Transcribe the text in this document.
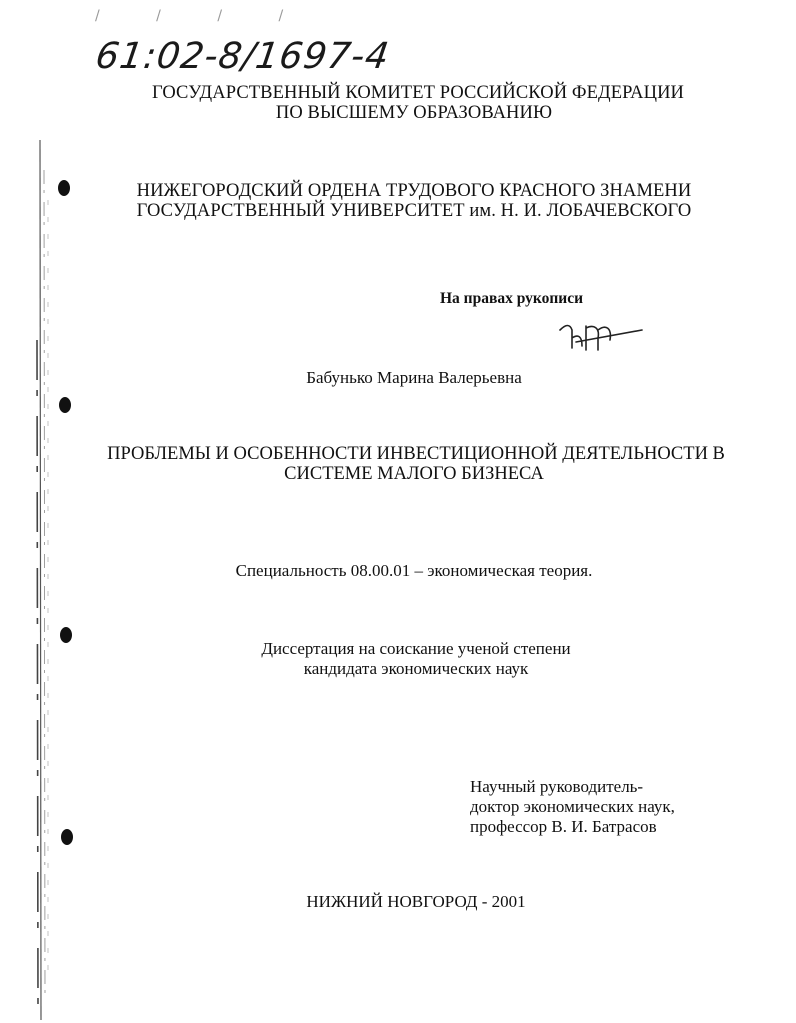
/ / / /
61:02-8/1697-4
ГОСУДАРСТВЕННЫЙ КОМИТЕТ РОССИЙСКОЙ ФЕДЕРАЦИИ
ПО ВЫСШЕМУ ОБРАЗОВАНИЮ
НИЖЕГОРОДСКИЙ ОРДЕНА ТРУДОВОГО КРАСНОГО ЗНАМЕНИ
ГОСУДАРСТВЕННЫЙ УНИВЕРСИТЕТ им. Н. И. ЛОБАЧЕВСКОГО
На правах рукописи
Бабунько Марина Валерьевна
ПРОБЛЕМЫ И ОСОБЕННОСТИ ИНВЕСТИЦИОННОЙ ДЕЯТЕЛЬНОСТИ В
СИСТЕМЕ МАЛОГО БИЗНЕСА
Специальность 08.00.01 – экономическая теория.
Диссертация на соискание ученой степени
кандидата экономических наук
Научный руководитель-
доктор экономических наук,
профессор В. И. Батрасов
НИЖНИЙ НОВГОРОД - 2001
